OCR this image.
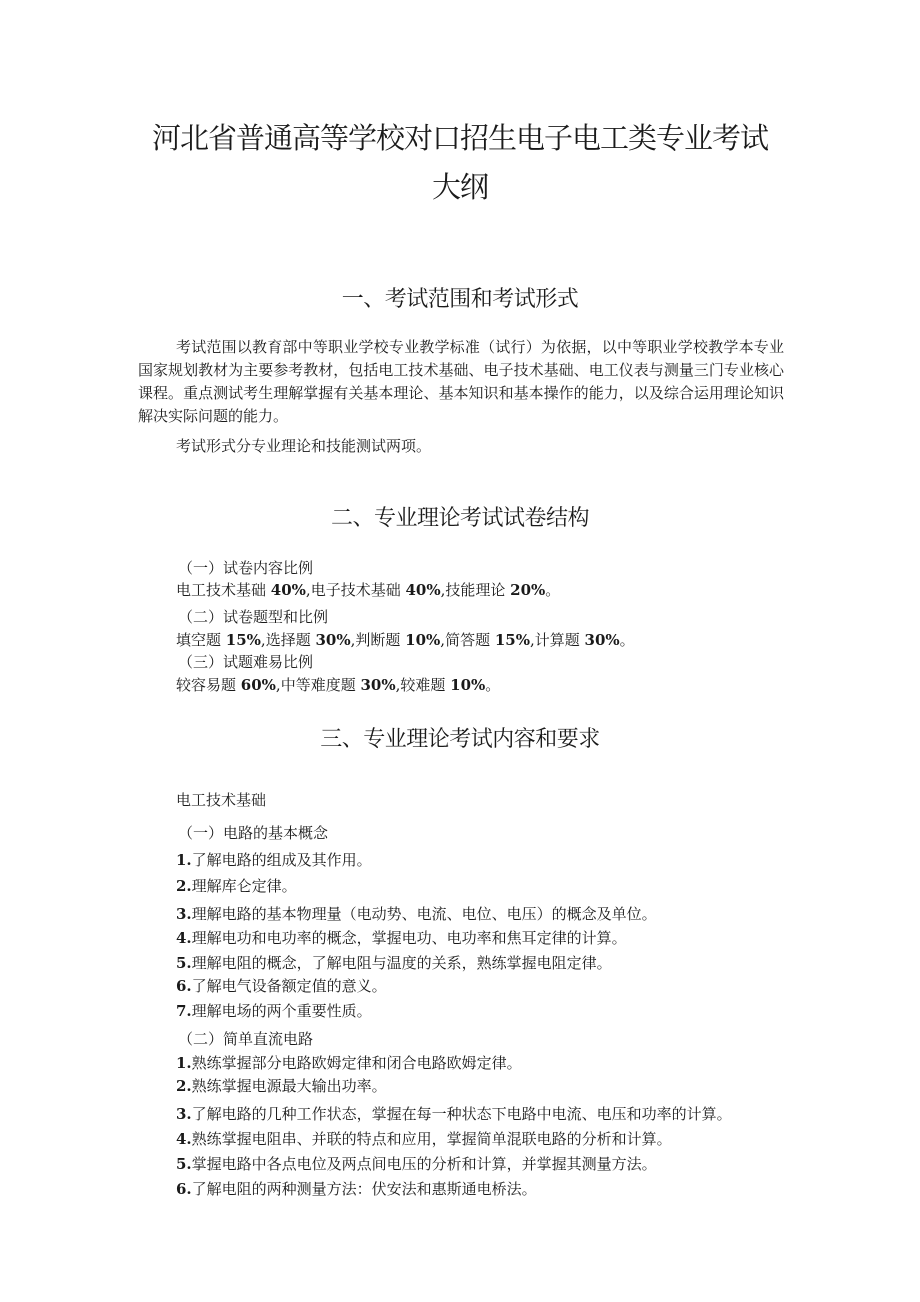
河北省普通高等学校对口招生电子电工类专业考试
大纲
一、考试范围和考试形式

考试范围以教育部中等职业学校专业教学标准（试行）为依据，以中等职业学校教学本专业国家规划教材为主要参考教材，包括电工技术基础、电子技术基础、电工仪表与测量三门专业核心课程。重点测试考生理解掌握有关基本理论、基本知识和基本操作的能力，以及综合运用理论知识解决实际问题的能力。

考试形式分专业理论和技能测试两项。
二、专业理论考试试卷结构
（一）试卷内容比例
电工技术基础 40%,电子技术基础 40%,技能理论 20%。
（二）试卷题型和比例
填空题 15%,选择题 30%,判断题 10%,简答题 15%,计算题 30%。
（三）试题难易比例
较容易题 60%,中等难度题 30%,较难题 10%。
三、专业理论考试内容和要求
电工技术基础
（一）电路的基本概念
1.了解电路的组成及其作用。
2.理解库仑定律。
3.理解电路的基本物理量（电动势、电流、电位、电压）的概念及单位。
4.理解电功和电功率的概念，掌握电功、电功率和焦耳定律的计算。
5.理解电阻的概念，了解电阻与温度的关系，熟练掌握电阻定律。
6.了解电气设备额定值的意义。
7.理解电场的两个重要性质。
（二）简单直流电路
1.熟练掌握部分电路欧姆定律和闭合电路欧姆定律。
2.熟练掌握电源最大输出功率。
3.了解电路的几种工作状态，掌握在每一种状态下电路中电流、电压和功率的计算。
4.熟练掌握电阻串、并联的特点和应用，掌握简单混联电路的分析和计算。
5.掌握电路中各点电位及两点间电压的分析和计算，并掌握其测量方法。
6.了解电阻的两种测量方法：伏安法和惠斯通电桥法。
